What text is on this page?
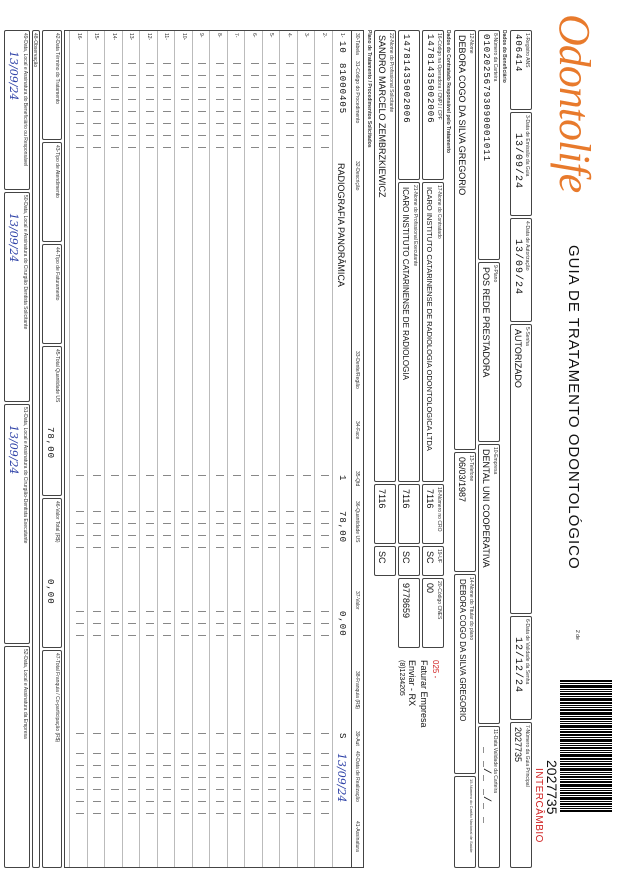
Odontolife
GUIA DE TRATAMENTO ODONTOLÓGICO
2 de
2027735
INTERCÂMBIO
1-Registro ANS
406414
3-Data de Emissão da Guia
13/09/24
4-Data de Autorização
13/09/24
5-Senha
AUTORIZADO
6-Data de Validade da Senha
12/12/24
7-Número da Guia Principal
2027735
Dados do Beneficiário
8-Número da Carteira
01020256793090001011
9-Plano
POS REDE PRESTADORA
10-Empresa
DENTAL UNI COOPERATIVA
11-Data Validade da Carteira
_ _/_ _/_ _
12-Nome
DEBORA COGO DA SILVA GREGORIO
13-Telefone
06/03/1987
14-Nome do Titular do plano
DEBORA COGO DA SILVA GREGORIO
15-Número do Cartão Nacional de Saúde
Dados do Contratado Responsável pelo Tratamento
16-Código na Operadora / CNPJ / CPF
14781435002006
17-Nome do Contratado
ICARO INSTITUTO CATARINENSE DE RADIOLOGIA ODONTOLOGICA LTDA
18-Número no CRO
7116
19-UF
SC
20-Código CNES
00
14781435002006
21-Nome do Profissional Executante
ICARO INSTITUTO CATARINENSE DE RADIOLOGIA
7116
SC
9778659
22-Nome do Profissional Solicitante
SANDRO MARCELO ZEMBRZKIEWICZ
7116
SC
025 -
Faturar Empresa
Enviar - RX
(8)1234205
Plano de Tratamento / Procedimentos Solicitados
30-Tabela
31-Código do Procedimento
32-Descrição
33-Dente/Região
34-Face
35-Qtd
36-Quantidade US
37-Valor
38-Franquia (R$)
39-Aut
40-Data de Realização
41-Assinatura
1-
10
81000405
RADIOGRAFIA PANORÂMICA
1
78,00
0,00
S
13/09/24
2-
3-
4-
5-
6-
7-
8-
9-
10-
11-
12-
13-
14-
15-
16-
42-Data Término do Tratamento
43-Tipo de Atendimento
44-Tipo de Faturamento
45-Total Quantidade US
78,00
46-Valor Total (R$)
0,00
47-Total Franquia / Co-participação (R$)
48-Observação
49-Data, Local e Assinatura do Beneficiário ou Responsável
13/09/24
50-Data, Local e Assinatura do Cirurgião Dentista Solicitante
13/09/24
51-Data, Local e Assinatura do Cirurgião-Dentista Executante
13/09/24
52-Data, Local e Assinatura da Empresa
